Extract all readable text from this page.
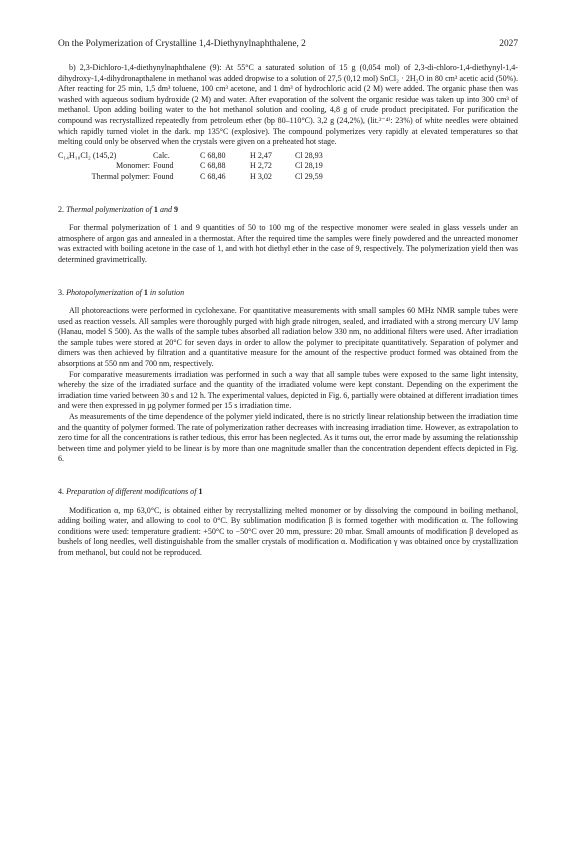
On the Polymerization of Crystalline 1,4-Diethynylnaphthalene, 2	2027

b) 2,3-Dichloro-1,4-diethynylnaphthalene (9): At 55°C a saturated solution of 15 g (0,054 mol) of 2,3-di-chloro-1,4-diethynyl-1,4-dihydroxy-1,4-dihydronapthalene in methanol was added dropwise to a solution of 27,5 (0,12 mol) SnCl₂ · 2H₂O in 80 cm³ acetic acid (50%). After reacting for 25 min, 1,5 dm³ toluene, 100 cm³ acetone, and 1 dm³ of hydrochloric acid (2 M) were added. The organic phase then was washed with aqueous sodium hydroxide (2 M) and water. After evaporation of the solvent the organic residue was taken up into 300 cm³ of methanol. Upon adding boiling water to the hot methanol solution and cooling, 4,8 g of crude product precipitated. For purification the compound was recrystallized repeatedly from petroleum ether (bp 80–110°C). 3,2 g (24,2%), (lit.²⁻⁴⁾: 23%) of white needles were obtained which rapidly turned violet in the dark. mp 135°C (explosive). The compound polymerizes very rapidly at elevated temperatures so that melting could only be observed when the crystals were given on a preheated hot stage.

C₁₄H₁₀Cl₂ (145,2)	Calc.	C 68,80	H 2,47	Cl 28,93
Monomer: Found	C 68,88	H 2,72	Cl 28,19
Thermal polymer: Found	C 68,46	H 3,02	Cl 29,59

2. Thermal polymerization of 1 and 9

For thermal polymerization of 1 and 9 quantities of 50 to 100 mg of the respective monomer were sealed in glass vessels under an atmosphere of argon gas and annealed in a thermostat. After the required time the samples were finely powdered and the unreacted monomer was extracted with boiling acetone in the case of 1, and with hot diethyl ether in the case of 9, respectively. The polymerization yield then was determined gravimetrically.

3. Photopolymerization of 1 in solution

All photoreactions were performed in cyclohexane. For quantitative measurements with small samples 60 MHz NMR sample tubes were used as reaction vessels. All samples were thoroughly purged with high grade nitrogen, sealed, and irradiated with a strong mercury UV lamp (Hanau, model S 500). As the walls of the sample tubes absorbed all radiation below 330 nm, no additional filters were used. After irradiation the sample tubes were stored at 20°C for seven days in order to allow the polymer to precipitate quantitatively. Separation of polymer and dimers was then achieved by filtration and a quantitative measure for the amount of the respective product formed was obtained from the absorptions at 550 nm and 700 nm, respectively.

For comparative measurements irradiation was performed in such a way that all sample tubes were exposed to the same light intensity, whereby the size of the irradiated surface and the quantity of the irradiated volume were kept constant. Depending on the experiment the irradiation time varied between 30 s and 12 h. The experimental values, depicted in Fig. 6, partially were obtained at different irradiation times and were then expressed in µg polymer formed per 15 s irradiation time.

As measurements of the time dependence of the polymer yield indicated, there is no strictly linear relationship between the irradiation time and the quantity of polymer formed. The rate of polymerization rather decreases with increasing irradiation time. However, as extrapolation to zero time for all the concentrations is rather tedious, this error has been neglected. As it turns out, the error made by assuming the relationsship between time and polymer yield to be linear is by more than one magnitude smaller than the concentration dependent effects depicted in Fig. 6.

4. Preparation of different modifications of 1

Modification α, mp 63,0°C, is obtained either by recrystallizing melted monomer or by dissolving the compound in boiling methanol, adding boiling water, and allowing to cool to 0°C. By sublimation modification β is formed together with modification α. The following conditions were used: temperature gradient: +50°C to −50°C over 20 mm, pressure: 20 mbar. Small amounts of modification β developed as bushels of long needles, well distinguishable from the smaller crystals of modification α. Modification γ was obtained once by crystallization from methanol, but could not be reproduced.
